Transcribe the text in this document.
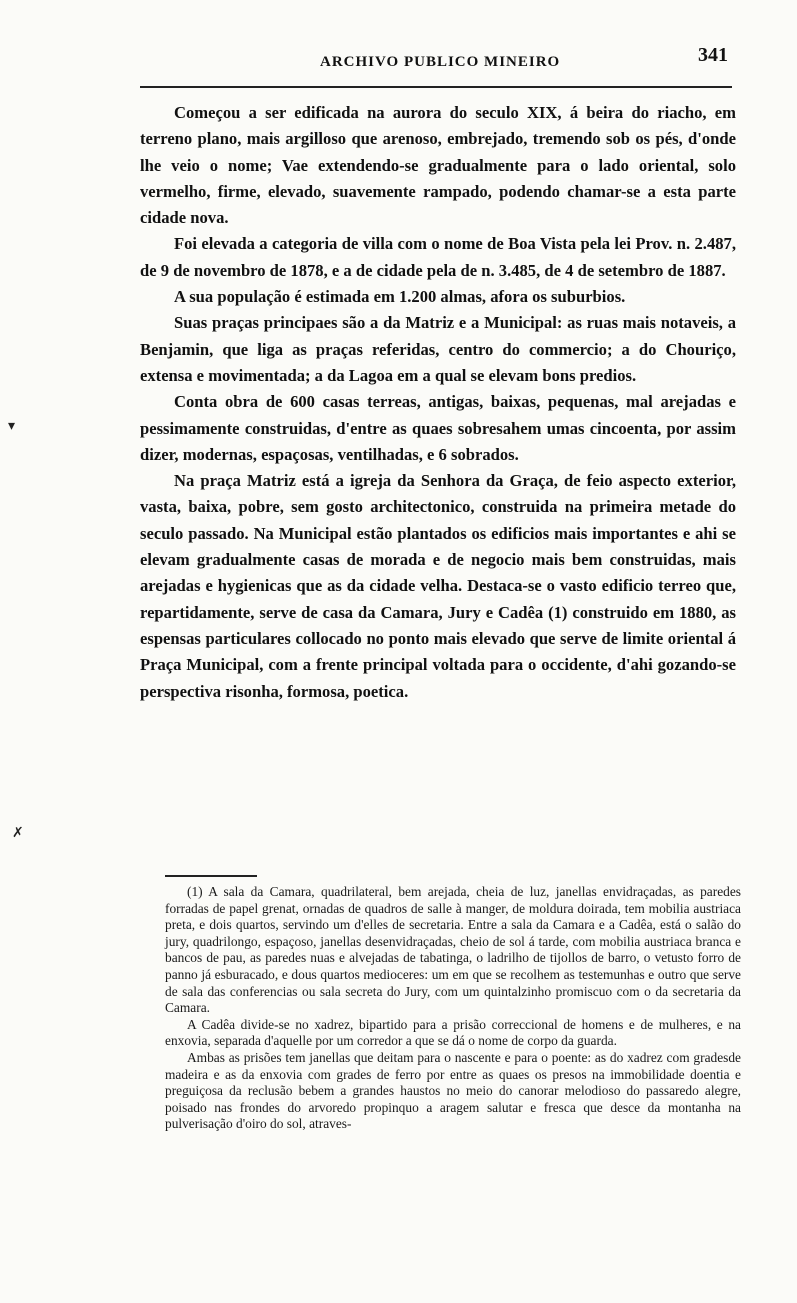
ARCHIVO PUBLICO MINEIRO	341

Começou a ser edificada na aurora do seculo XIX, á beira do riacho, em terreno plano, mais argilloso que arenoso, embrejado, tremendo sob os pés, d'onde lhe veio o nome; Vae extendendo-se gradualmente para o lado oriental, solo vermelho, firme, elevado, suavemente rampado, podendo chamar-se a esta parte cidade nova.

Foi elevada a categoria de villa com o nome de Boa Vista pela lei Prov. n. 2.487, de 9 de novembro de 1878, e a de cidade pela de n. 3.485, de 4 de setembro de 1887.

A sua população é estimada em 1.200 almas, afora os suburbios.

Suas praças principaes são a da Matriz e a Municipal: as ruas mais notaveis, a Benjamin, que liga as praças referidas, centro do commercio; a do Chouriço, extensa e movimentada; a da Lagoa em a qual se elevam bons predios.

Conta obra de 600 casas terreas, antigas, baixas, pequenas, mal arejadas e pessimamente construidas, d'entre as quaes sobresahem umas cincoenta, por assim dizer, modernas, espaçosas, ventilhadas, e 6 sobrados.

Na praça Matriz está a igreja da Senhora da Graça, de feio aspecto exterior, vasta, baixa, pobre, sem gosto architectonico, construida na primeira metade do seculo passado. Na Municipal estão plantados os edificios mais importantes e ahi se elevam gradualmente casas de morada e de negocio mais bem construidas, mais arejadas e hygienicas que as da cidade velha. Destaca-se o vasto edificio terreo que, repartidamente, serve de casa da Camara, Jury e Cadêa (1) construido em 1880, as espensas particulares collocado no ponto mais elevado que serve de limite oriental á Praça Municipal, com a frente principal voltada para o occidente, d'ahi gozando-se perspectiva risonha, formosa, poetica.

(1) A sala da Camara, quadrilateral, bem arejada, cheia de luz, janellas envidraçadas, as paredes forradas de papel grenat, ornadas de quadros de salle à manger, de moldura doirada, tem mobilia austriaca preta, e dois quartos, servindo um d'elles de secretaria. Entre a sala da Camara e a Cadêa, está o salão do jury, quadrilongo, espaçoso, janellas desenvidraçadas, cheio de sol á tarde, com mobilia austriaca branca e bancos de pau, as paredes nuas e alvejadas de tabatinga, o ladrilho de tijollos de barro, o vetusto forro de panno já esburacado, e dous quartos medioceres: um em que se recolhem as testemunhas e outro que serve de sala das conferencias ou sala secreta do Jury, com um quintalzinho promiscuo com o da secretaria da Camara.

A Cadêa divide-se no xadrez, bipartido para a prisão correccional de homens e de mulheres, e na enxovia, separada d'aquelle por um corredor a que se dá o nome de corpo da guarda.

Ambas as prisões tem janellas que deitam para o nascente e para o poente: as do xadrez com gradesde madeira e as da enxovia com grades de ferro por entre as quaes os presos na immobilidade doentia e preguiçosa da reclusão bebem a grandes haustos no meio do canorar melodioso do passaredo alegre, poisado nas frondes do arvoredo propinquo a aragem salutar e fresca que desce da montanha na pulverisação d'oiro do sol, atraves-

▾
✗
